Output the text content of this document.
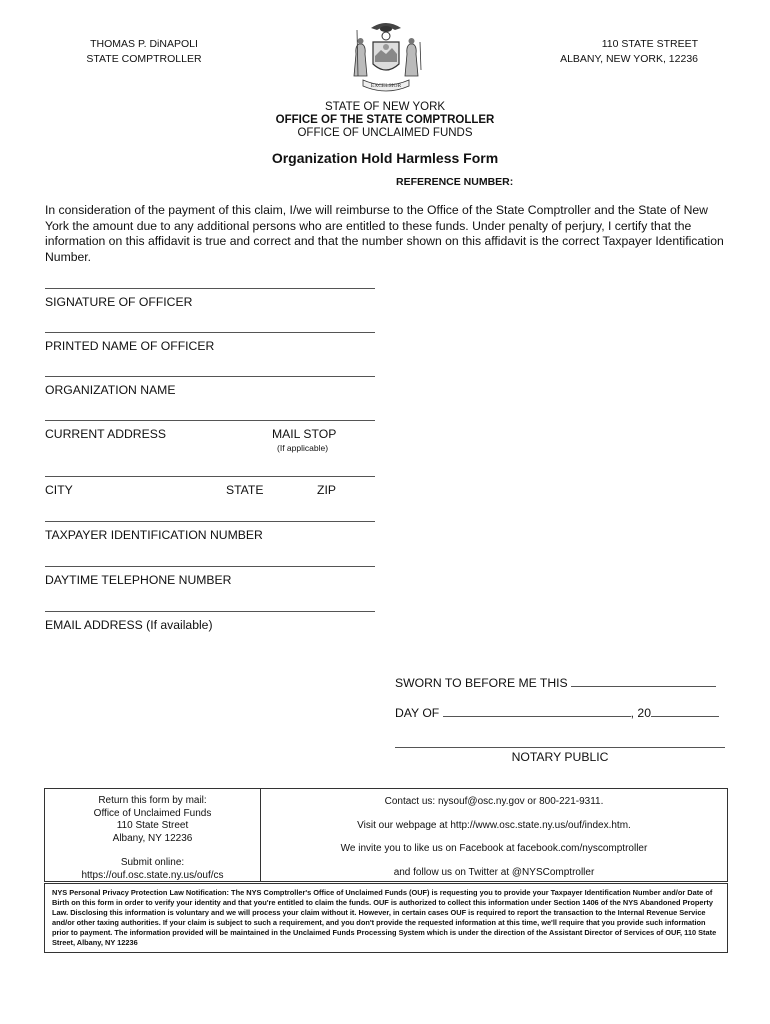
THOMAS P. DiNAPOLI
STATE COMPTROLLER
EXCELSIOR
110 STATE STREET
ALBANY, NEW YORK, 12236
STATE OF NEW YORK
OFFICE OF THE STATE COMPTROLLER
OFFICE OF UNCLAIMED FUNDS
Organization Hold Harmless Form
REFERENCE NUMBER:
In consideration of the payment of this claim, I/we will reimburse to the Office of the State Comptroller and the State of New York the amount due to any additional persons who are entitled to these funds. Under penalty of perjury, I certify that the information on this affidavit is true and correct and that the number shown on this affidavit is the correct Taxpayer Identification Number.
SIGNATURE OF OFFICER
PRINTED NAME OF OFFICER
ORGANIZATION NAME
CURRENT ADDRESS	MAIL STOP
(If applicable)
CITY	STATE	ZIP
TAXPAYER IDENTIFICATION NUMBER
DAYTIME TELEPHONE NUMBER
EMAIL ADDRESS (If available)
SWORN TO BEFORE ME THIS
DAY OF	, 20
NOTARY PUBLIC
Return this form by mail:
Office of Unclaimed Funds
110 State Street
Albany, NY 12236
Submit online:
https://ouf.osc.state.ny.us/ouf/cs
Contact us: nysouf@osc.ny.gov or 800-221-9311.
Visit our webpage at http://www.osc.state.ny.us/ouf/index.htm.
We invite you to like us on Facebook at facebook.com/nyscomptroller
and follow us on Twitter at @NYSComptroller
NYS Personal Privacy Protection Law Notification: The NYS Comptroller's Office of Unclaimed Funds (OUF) is requesting you to provide your Taxpayer Identification Number and/or Date of Birth on this form in order to verify your identity and that you're entitled to claim the funds. OUF is authorized to collect this information under Section 1406 of the NYS Abandoned Property Law. Disclosing this information is voluntary and we will process your claim without it. However, in certain cases OUF is required to report the transaction to the Internal Revenue Service and/or other taxing authorities. If your claim is subject to such a requirement, and you don't provide the requested information at this time, we'll require that you provide such information prior to payment. The information provided will be maintained in the Unclaimed Funds Processing System which is under the direction of the Assistant Director of Services of OUF, 110 State Street, Albany, NY 12236
